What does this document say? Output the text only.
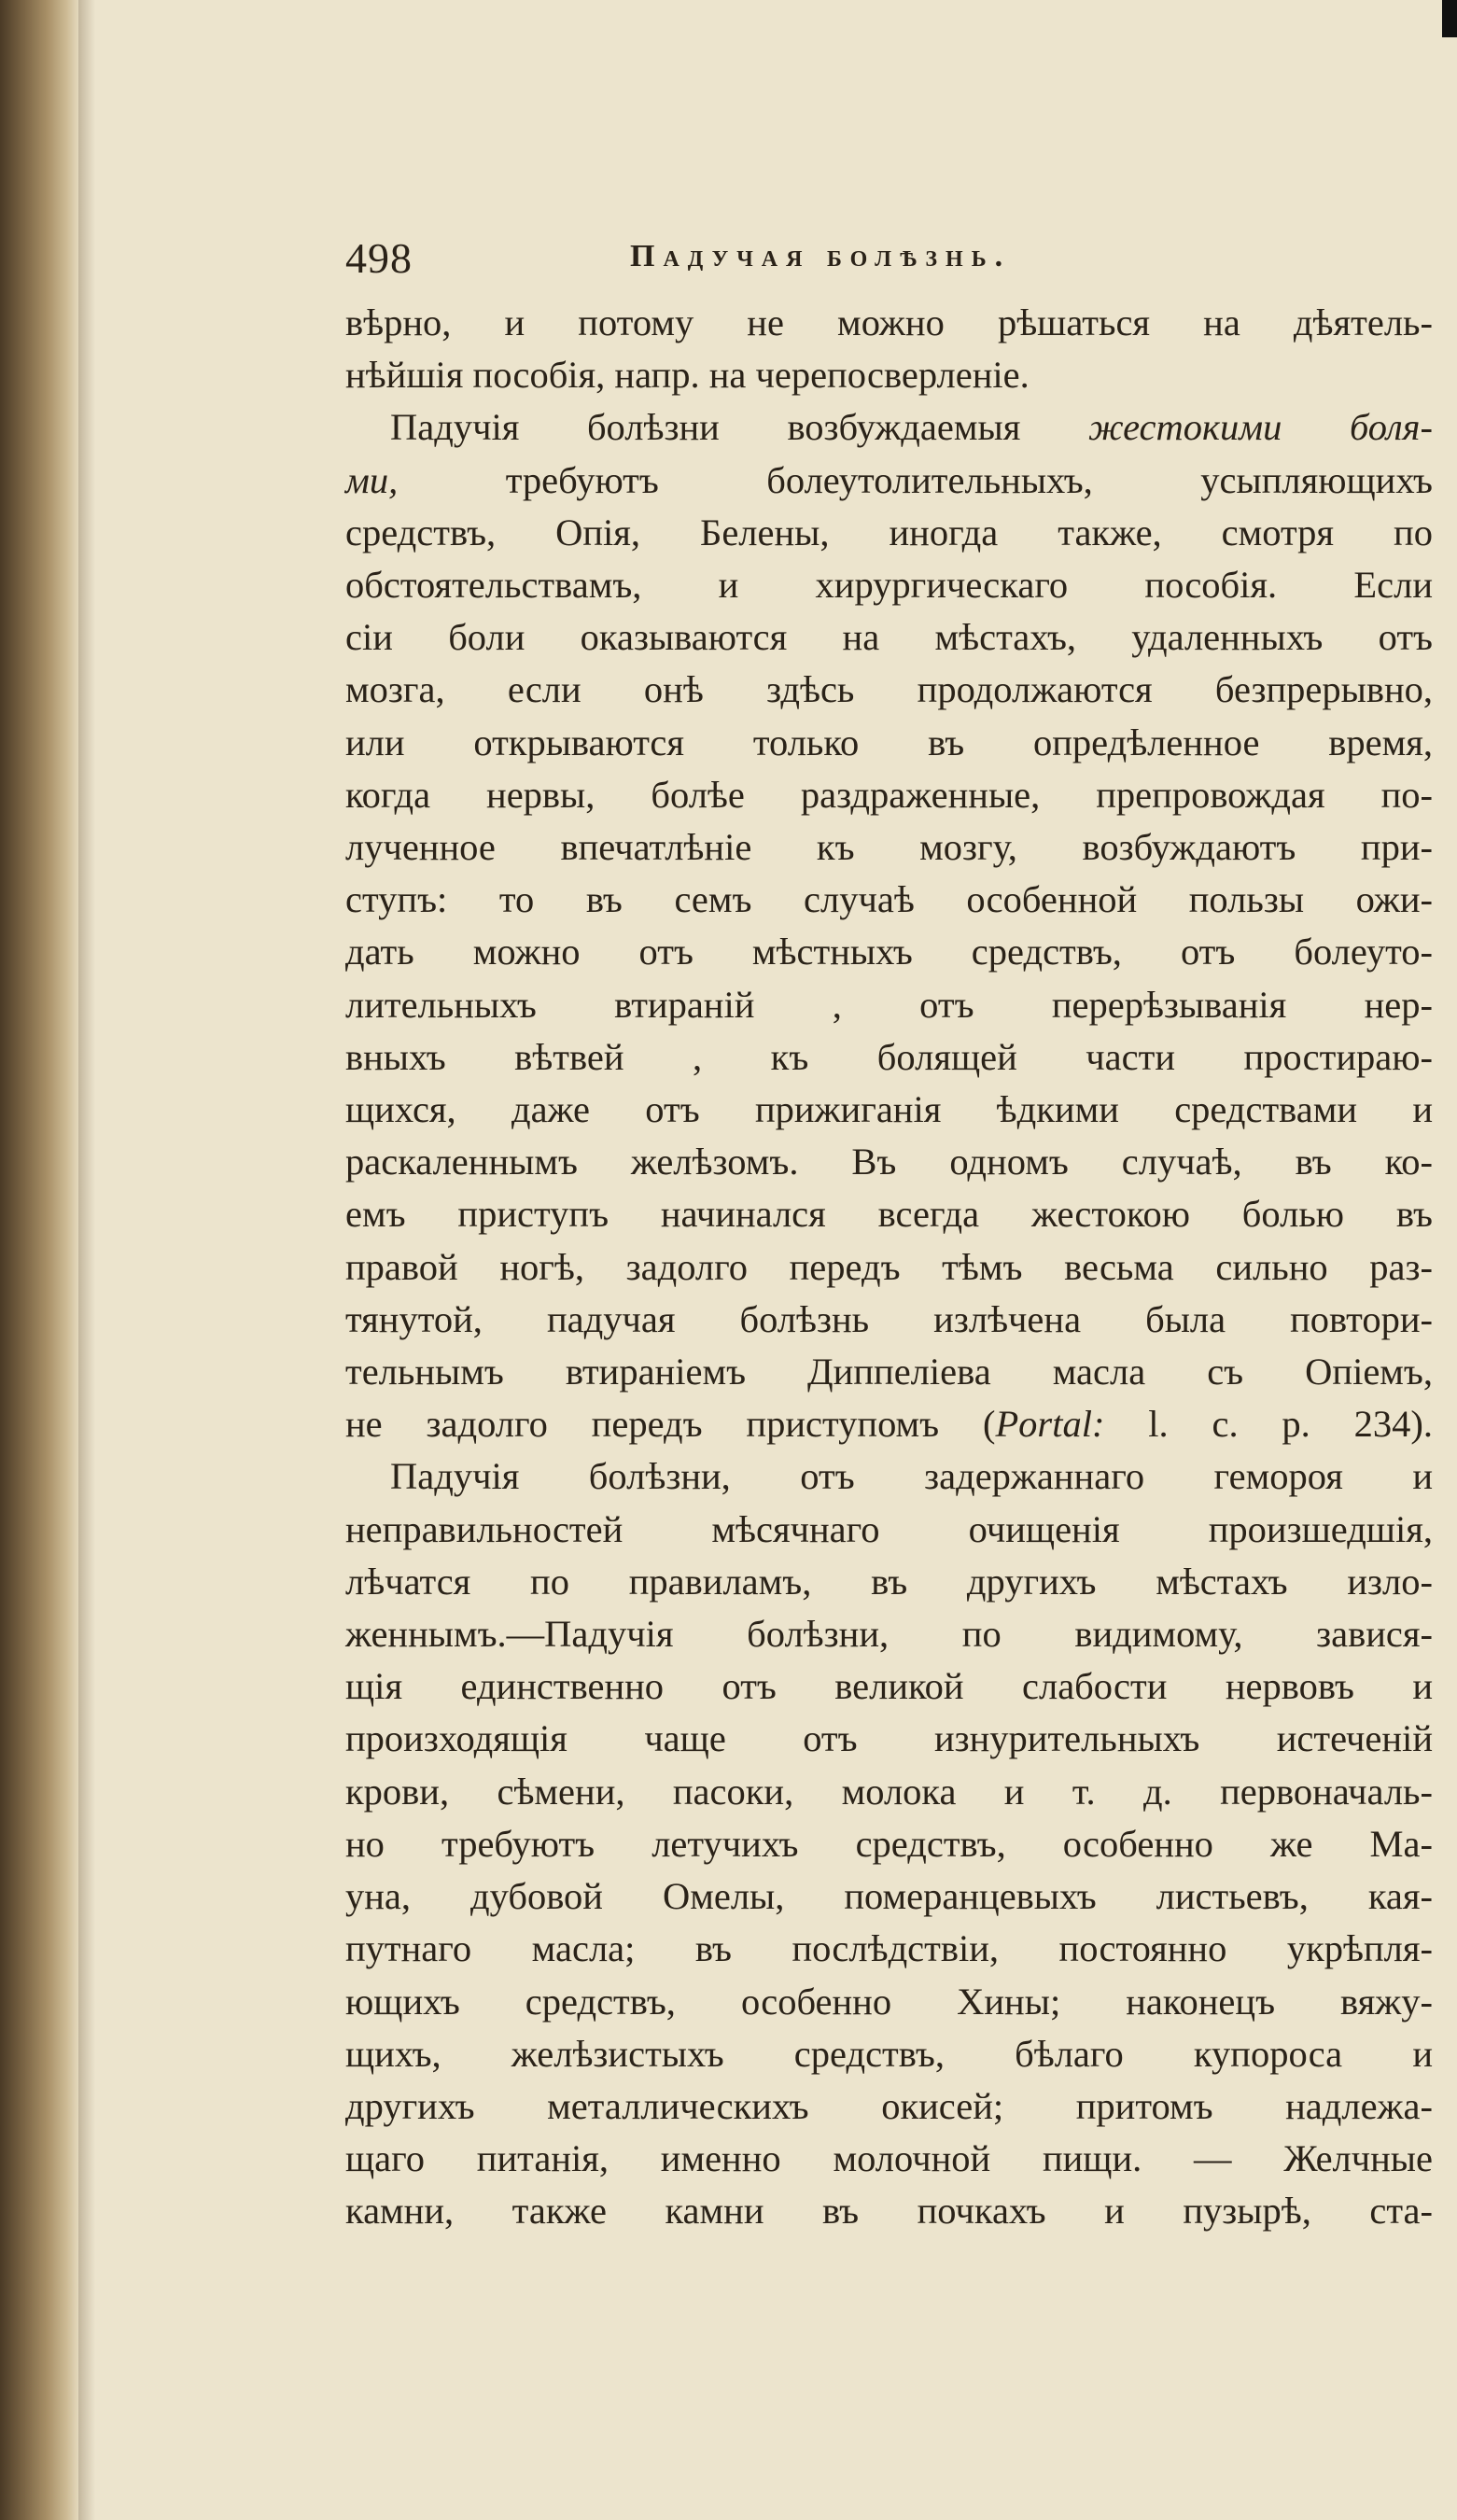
498	Падучая болѣзнь.
вѣрно, и потому не можно рѣшаться на дѣятель-
нѣйшія пособія, напр. на черепосверленіе.
Падучія болѣзни возбуждаемыя жестокими боля-
ми, требуютъ болеутолительныхъ, усыпляющихъ
средствъ, Опія, Белены, иногда также, смотря по
обстоятельствамъ, и хирургическаго пособія. Если
сіи боли оказываются на мѣстахъ, удаленныхъ отъ
мозга, если онѣ здѣсь продолжаются безпрерывно,
или открываются только въ опредѣленное время,
когда нервы, болѣе раздраженные, препровождая по-
лученное впечатлѣніе къ мозгу, возбуждаютъ при-
ступъ: то въ семъ случаѣ особенной пользы ожи-
дать можно отъ мѣстныхъ средствъ, отъ болеуто-
лительныхъ втираній , отъ перерѣзыванія нер-
вныхъ вѣтвей , къ болящей части простираю-
щихся, даже отъ прижиганія ѣдкими средствами и
раскаленнымъ желѣзомъ. Въ одномъ случаѣ, въ ко-
емъ приступъ начинался всегда жестокою болью въ
правой ногѣ, задолго передъ тѣмъ весьма сильно раз-
тянутой, падучая болѣзнь излѣчена была повтори-
тельнымъ втираніемъ Диппеліева масла съ Опіемъ,
не задолго передъ приступомъ (Portal: l. c. p. 234).
Падучія болѣзни, отъ задержаннаго гемороя и
неправильностей мѣсячнаго очищенія произшедшія,
лѣчатся по правиламъ, въ другихъ мѣстахъ изло-
женнымъ.—Падучія болѣзни, по видимому, завися-
щія единственно отъ великой слабости нервовъ и
произходящія чаще отъ изнурительныхъ истеченій
крови, сѣмени, пасоки, молока и т. д. первоначаль-
но требуютъ летучихъ средствъ, особенно же Ма-
уна, дубовой Омелы, померанцевыхъ листьевъ, кая-
путнаго масла; въ послѣдствіи, постоянно укрѣпля-
ющихъ средствъ, особенно Хины; наконецъ вяжу-
щихъ, желѣзистыхъ средствъ, бѣлаго купороса и
другихъ металлическихъ окисей; притомъ надлежа-
щаго питанія, именно молочной пищи. — Желчные
камни, также камни въ почкахъ и пузырѣ, ста-
